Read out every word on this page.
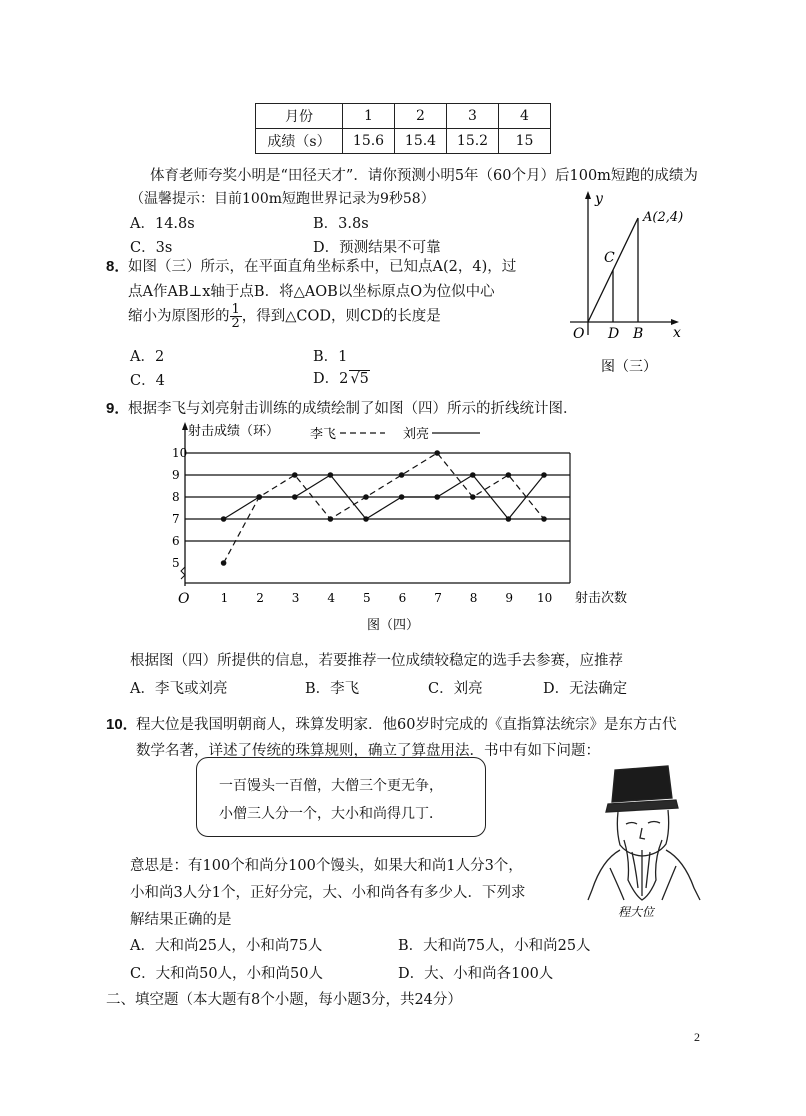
月份	1	2	3	4
成绩（s）	15.6	15.4	15.2	15
体育老师夸奖小明是“田径天才”．请你预测小明5年（60个月）后100m短跑的成绩为
（温馨提示：目前100m短跑世界记录为9秒58）
A．14.8s	B．3.8s
C．3s	D．预测结果不可靠
8．
如图（三）所示，在平面直角坐标系中，已知点A(2，4)，过
点A作AB⊥x轴于点B．将△AOB以坐标原点O为位似中心
缩小为原图形的 $\frac{1}{2}$ ，得到△COD，则CD的长度是
A．2	B．1
C．4	D．2 √5
y
x
A(2,4)
C
O D B
图（三）
9．
根据李飞与刘亮射击训练的成绩绘制了如图（四）所示的折线统计图．
射击成绩（环） 李飞	刘亮
5
6
7
8
9
10
1 2 3 4 5 6 7 8 9 10
O	射击次数
图（四）
根据图（四）所提供的信息，若要推荐一位成绩较稳定的选手去参赛，应推荐
A．李飞或刘亮	B．李飞	C．刘亮	D．无法确定
10．
程大位是我国明朝商人，珠算发明家．他60岁时完成的《直指算法统宗》是东方古代
数学名著，详述了传统的珠算规则，确立了算盘用法．书中有如下问题：
一百馒头一百僧，大僧三个更无争，
小僧三人分一个，大小和尚得几丁．
意思是：有100个和尚分100个馒头，如果大和尚1人分3个，
小和尚3人分1个，正好分完，大、小和尚各有多少人．下列求
解结果正确的是	程大位
A．大和尚25人，小和尚75人	B．大和尚75人，小和尚25人
C．大和尚50人，小和尚50人	D．大、小和尚各100人
二、填空题（本大题有8个小题，每小题3分，共24分）
2
